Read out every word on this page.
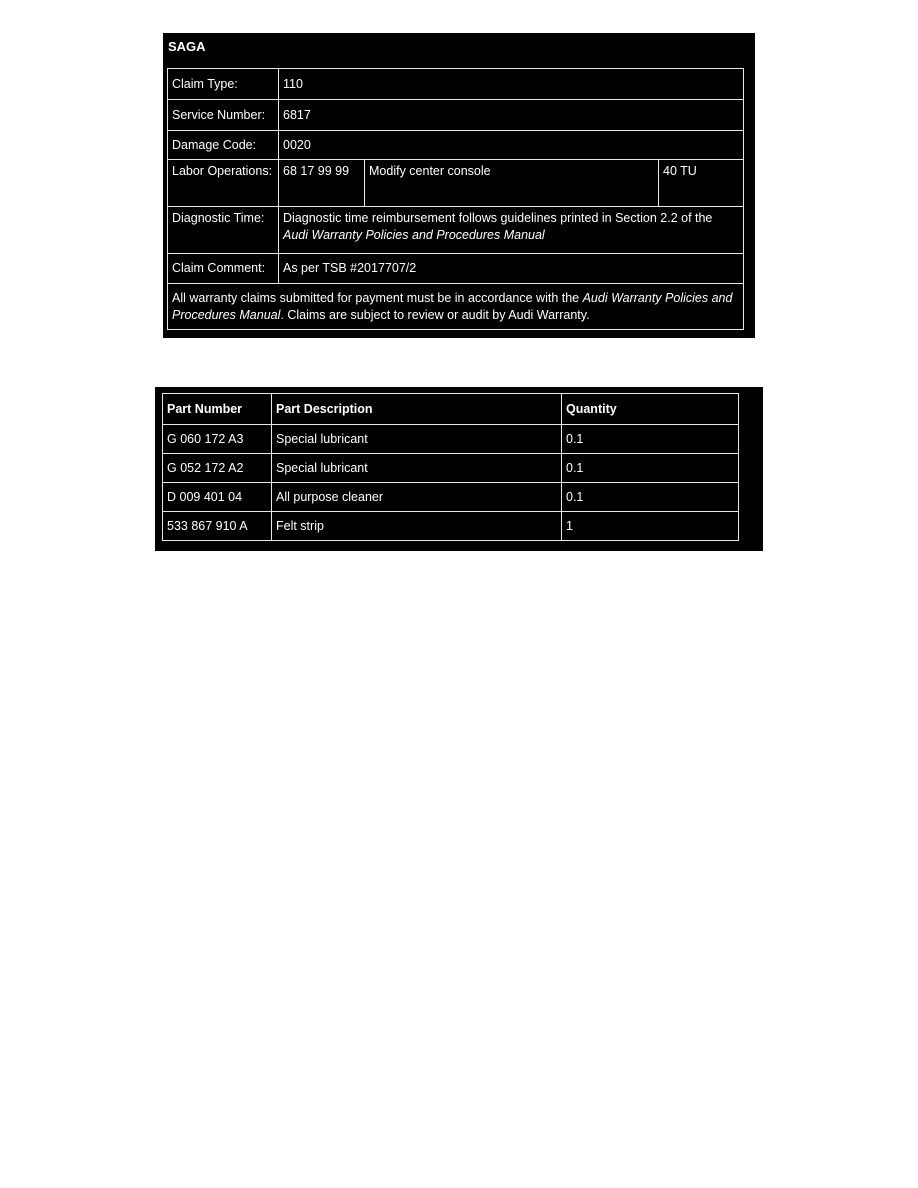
SAGA
Claim Type:	110		
Service Number:	6817		
Damage Code:	0020		
Labor Operations:	68 17 99 99	Modify center console	40 TU
Diagnostic Time:	Diagnostic time reimbursement follows guidelines printed in Section 2.2 of the Audi Warranty Policies and Procedures Manual		
Claim Comment:	As per TSB #2017707/2		
All warranty claims submitted for payment must be in accordance with the Audi Warranty Policies and Procedures Manual. Claims are subject to review or audit by Audi Warranty.			
Part Number	Part Description	Quantity
G 060 172 A3	Special lubricant	0.1
G 052 172 A2	Special lubricant	0.1
D 009 401 04	All purpose cleaner	0.1
533 867 910 A	Felt strip	1
